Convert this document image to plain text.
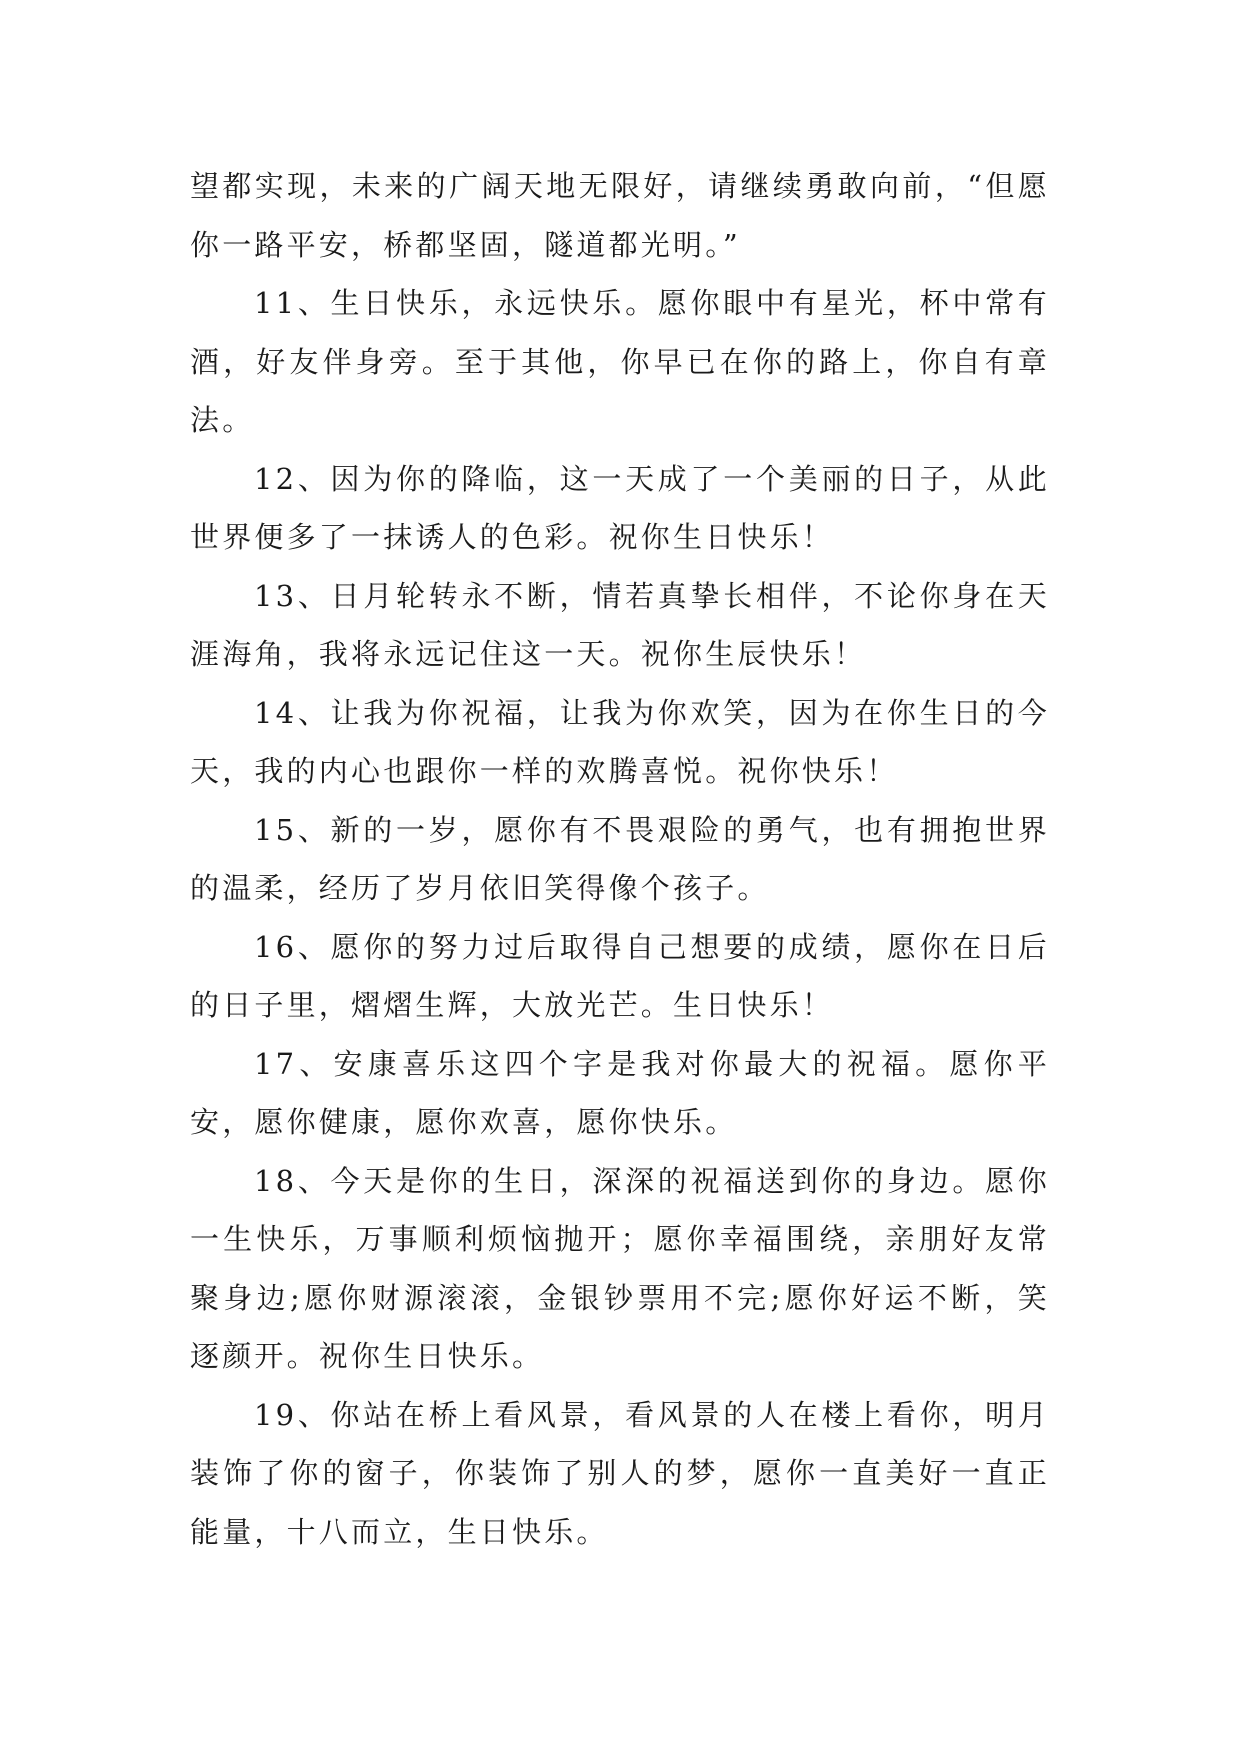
望都实现，未来的广阔天地无限好，请继续勇敢向前，“但愿你一路平安，桥都坚固，隧道都光明。”

11、生日快乐，永远快乐。愿你眼中有星光，杯中常有酒，好友伴身旁。至于其他，你早已在你的路上，你自有章法。

12、因为你的降临，这一天成了一个美丽的日子，从此世界便多了一抹诱人的色彩。祝你生日快乐！

13、日月轮转永不断，情若真挚长相伴，不论你身在天涯海角，我将永远记住这一天。祝你生辰快乐！

14、让我为你祝福，让我为你欢笑，因为在你生日的今天，我的内心也跟你一样的欢腾喜悦。祝你快乐！

15、新的一岁，愿你有不畏艰险的勇气，也有拥抱世界的温柔，经历了岁月依旧笑得像个孩子。

16、愿你的努力过后取得自己想要的成绩，愿你在日后的日子里，熠熠生辉，大放光芒。生日快乐！

17、安康喜乐这四个字是我对你最大的祝福。愿你平安，愿你健康，愿你欢喜，愿你快乐。

18、今天是你的生日，深深的祝福送到你的身边。愿你一生快乐，万事顺利烦恼抛开；愿你幸福围绕，亲朋好友常聚身边;愿你财源滚滚，金银钞票用不完;愿你好运不断，笑逐颜开。祝你生日快乐。

19、你站在桥上看风景，看风景的人在楼上看你，明月装饰了你的窗子，你装饰了别人的梦，愿你一直美好一直正能量，十八而立，生日快乐。
